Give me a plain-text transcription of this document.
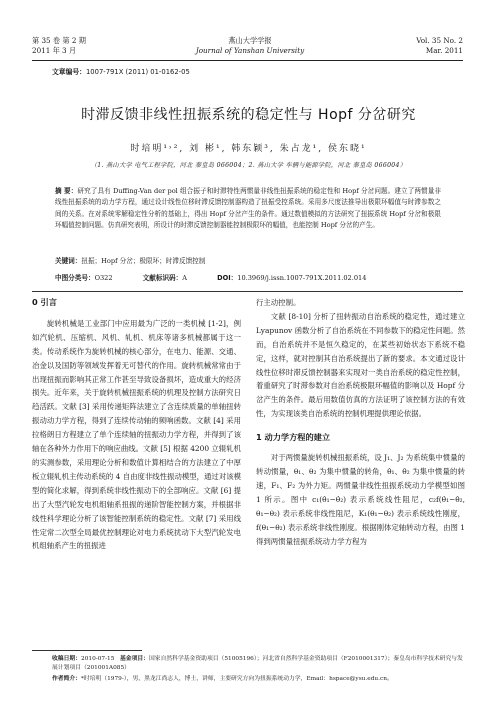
第 35 卷 第 2 期
2011 年 3 月
燕山大学学报
Journal of Yanshan University
Vol. 35 No. 2
Mar. 2011
文章编号：1007-791X (2011) 01-0162-05
时滞反馈非线性扭振系统的稳定性与 Hopf 分岔研究
时培明¹˒², 刘 彬¹, 韩东颖³, 朱占龙¹, 侯东晓¹
（1. 燕山大学 电气工程学院，河北 秦皇岛 066004；2. 燕山大学 车辆与能源学院，河北 秦皇岛 066004）
摘 要：研究了具有 Duffing-Van der pol 组合振子和时滞特性两惯量非线性扭振系统的稳定性和 Hopf 分岔问题。建立了两惯量非线性扭振系统的动力学方程，通过设计线性位移时滞反馈控制器构造了扭振受控系统。采用多尺度法推导出极限环幅值与时滞参数之间的关系。在对系统零解稳定性分析的基础上，得出 Hopf 分岔产生的条件。通过数值模拟的方法研究了扭振系统 Hopf 分岔和极限环幅值控制问题。仿真研究表明，所设计的时滞反馈控制器能控制极限环的幅值，也能控制 Hopf 分岔的产生。
关键词：扭振；Hopf 分岔；极限环；时滞反馈控制
中图分类号：O322	文献标识码：A	DOI：10.3969/j.issn.1007-791X.2011.02.014
0 引言
旋转机械是工业部门中应用最为广泛的一类机械 [1-2]，例如汽轮机、压缩机、风机、轧机、机床等诸多机械都属于这一类。传动系统作为旋转机械的核心部分，在电力、能源、交通、冶金以及国防等领域发挥着无可替代的作用。旋转机械常常由于出现扭振而影响其正常工作甚至导致设备损坏，造成重大的经济损失。近年来，关于旋转机械扭振系统的机理及控制方法研究日趋活跃。文献 [3] 采用传递矩阵法建立了含连续质量的单轴扭转振动动力学方程，得到了连续传动轴的频响函数。文献 [4] 采用拉格朗日方程建立了单个连续轴的扭振动力学方程，并得到了该轴在各种外力作用下的响应曲线。文献 [5] 根据 4200 立辊轧机的实测参数，采用理论分析和数值计算相结合的方法建立了中厚板立辊轧机主传动系统的 4 自由度非线性振动模型，通过对该模型的简化求解，得到系统非线性振动下的全部响应。文献 [6] 提出了大型汽轮发电机组轴系扭振的递阶智能控制方案，并根据非线性科学理论分析了该智能控制系统的稳定性。文献 [7] 采用线性定常二次型全局最优控制理论对电力系统扰动下大型汽轮发电机组轴系产生的扭振进
行主动控制。
文献 [8-10] 分析了扭转振动自治系统的稳定性，通过建立 Lyapunov 函数分析了自治系统在不同参数下的稳定性问题。然而，自治系统并不是恒久稳定的，在某些初始状态下系统不稳定，这样，就对控制其自治系统提出了新的要求。本文通过设计线性位移时滞反馈控制器来实现对一类自治系统的稳定性控制，着重研究了时滞参数对自治系统极限环幅值的影响以及 Hopf 分岔产生的条件。最后用数值仿真的方法证明了该控制方法的有效性，为实现该类自治系统的控制机理提供理论依据。
1 动力学方程的建立
对于两惯量旋转机械扭振系统，设 J₁、J₂ 为系统集中惯量的转动惯量，θ₁、θ₂ 为集中惯量的转角，θ̇₁、θ̇₂ 为集中惯量的转速，F₁、F₂ 为外力矩。两惯量非线性扭振系统动力学模型如图 1 所示。图中 c₁(θ̇₁−θ̇₂) 表示系统线性阻尼，c₂f(θ̇₁−θ̇₂, θ₁−θ₂) 表示系统非线性阻尼，K₁(θ₁−θ₂) 表示系统线性刚度，f(θ₁−θ₂) 表示系统非线性刚度。根据刚体定轴转动方程，由图 1 得到两惯量扭振系统动力学方程为
收稿日期：2010-07-15 基金项目：国家自然科学基金资助项目（51005196）；河北省自然科学基金资助项目（F2010001317）；秦皇岛市科学技术研究与发展计划项目（201001A085）
作者简介：*时培明（1979-），男，黑龙江尚志人，博士，讲师，主要研究方向为扭振系统动力学，Email：hspace@ysu.edu.cn。
